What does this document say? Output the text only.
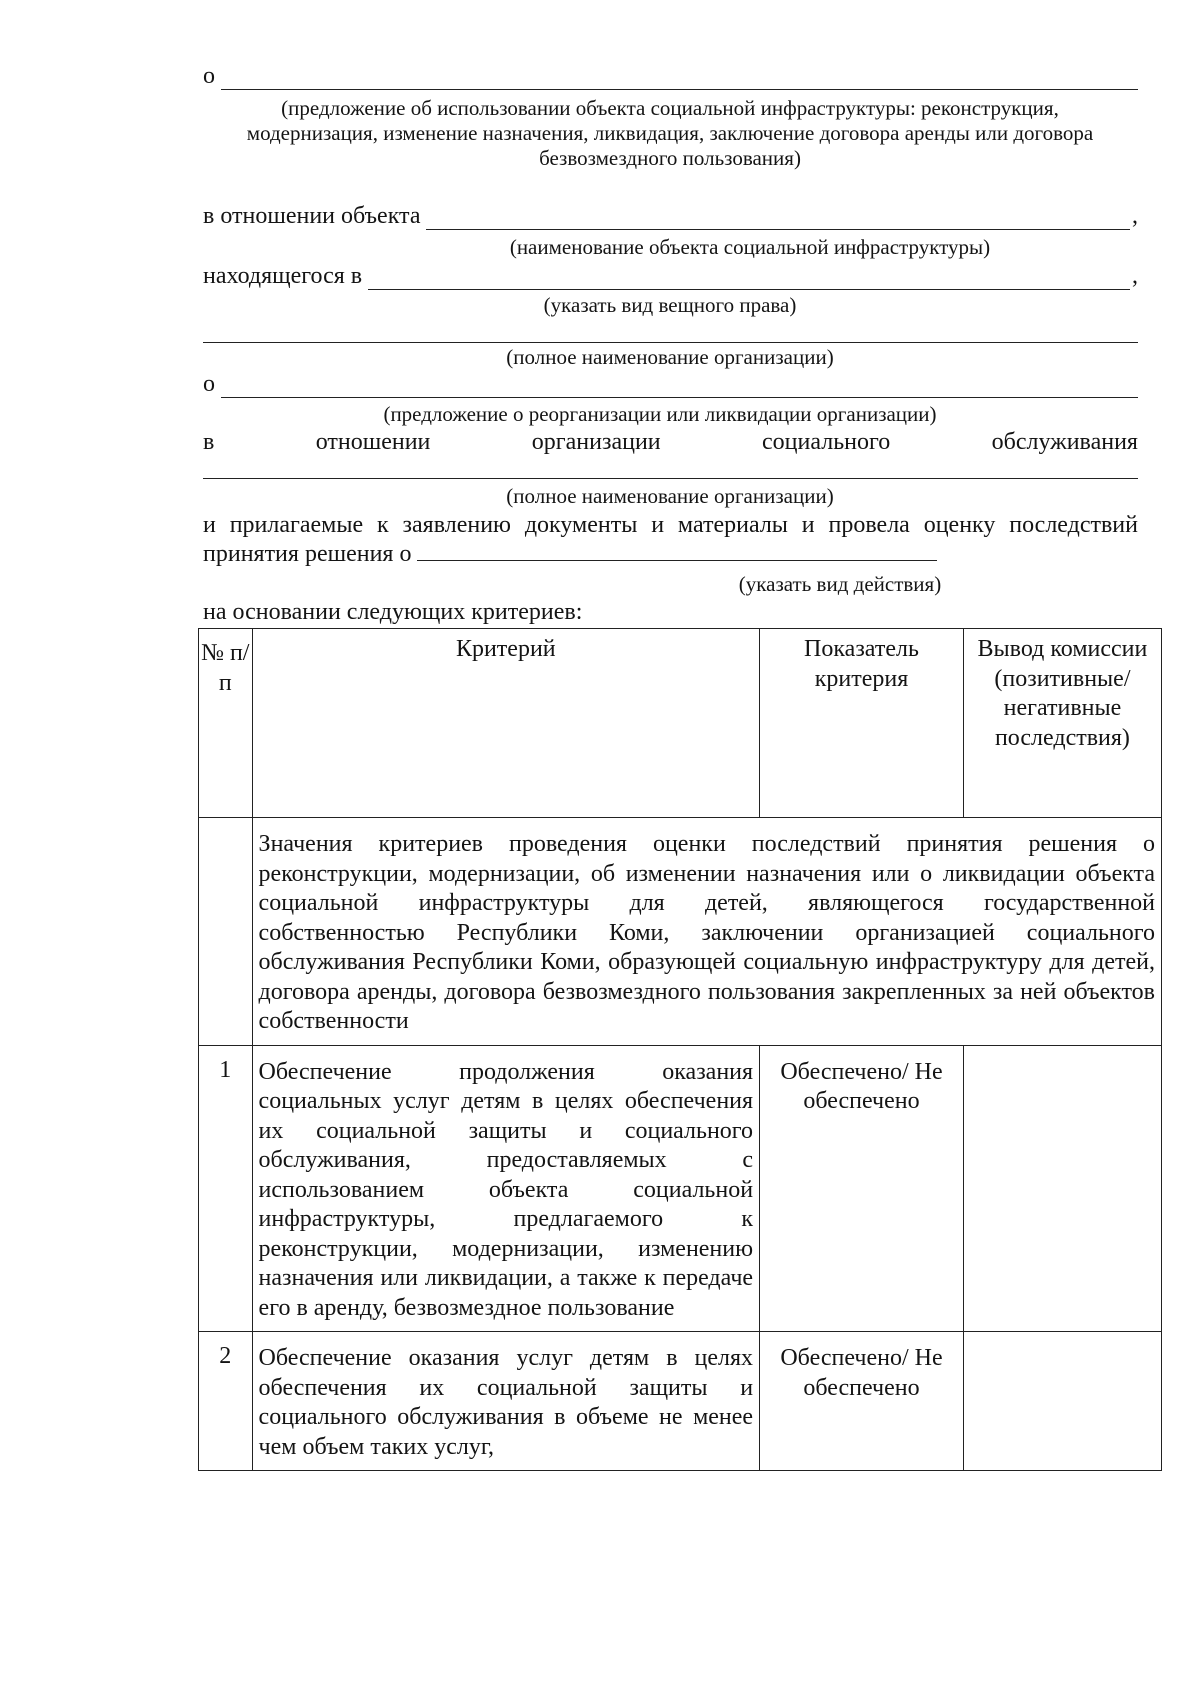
о
(предложение об использовании объекта социальной инфраструктуры: реконструкция, модернизация, изменение назначения, ликвидация, заключение договора аренды или договора безвозмездного пользования)
в отношении объекта	,
(наименование объекта социальной инфраструктуры)
находящегося в	,
(указать вид вещного права)
(полное наименование организации)
о
(предложение о реорганизации или ликвидации организации)
в	отношении	организации	социального	обслуживания
(полное наименование организации)
и прилагаемые к заявлению документы и материалы и провела оценку последствий принятия решения о
(указать вид действия)
на основании следующих критериев:
№ п/п	Критерий	Показатель критерия	Вывод комиссии (позитивные/ негативные последствия)
	Значения критериев проведения оценки последствий принятия решения о реконструкции, модернизации, об изменении назначения или о ликвидации объекта социальной инфраструктуры для детей, являющегося государственной собственностью Республики Коми, заключении организацией социального обслуживания Республики Коми, образующей социальную инфраструктуру для детей, договора аренды, договора безвозмездного пользования закрепленных за ней объектов собственности		
1	Обеспечение продолжения оказания социальных услуг детям в целях обеспечения их социальной защиты и социального обслуживания, предоставляемых с использованием объекта социальной инфраструктуры, предлагаемого к реконструкции, модернизации, изменению назначения или ликвидации, а также к передаче его в аренду, безвозмездное пользование	Обеспечено/ Не обеспечено	
2	Обеспечение оказания услуг детям в целях обеспечения их социальной защиты и социального обслуживания в объеме не менее чем объем таких услуг,	Обеспечено/ Не обеспечено	
